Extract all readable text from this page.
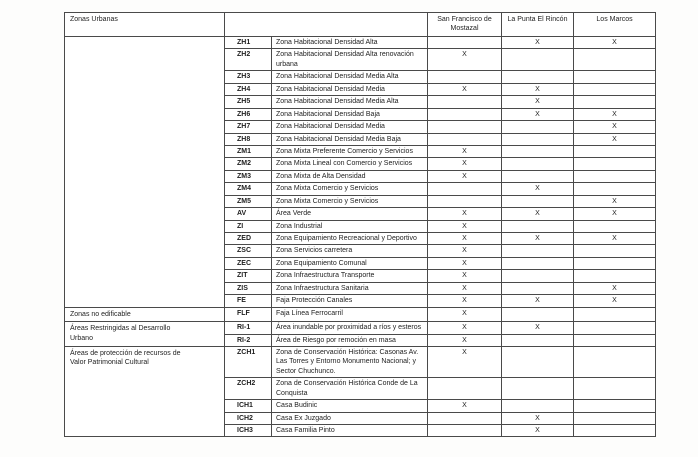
Zonas Urbanas			San Francisco de Mostazal	La Punta El Rincón	Los Marcos
	ZH1	Zona Habitacional Densidad Alta		X	X
	ZH2	Zona Habitacional Densidad Alta renovación urbana	X		
	ZH3	Zona Habitacional Densidad Media Alta			
	ZH4	Zona Habitacional Densidad Media	X	X	
	ZH5	Zona Habitacional Densidad Media Alta		X	
	ZH6	Zona Habitacional Densidad Baja		X	X
	ZH7	Zona Habitacional Densidad Media			X
	ZH8	Zona Habitacional Densidad Media Baja			X
	ZM1	Zona Mixta Preferente Comercio y Servicios	X		
	ZM2	Zona Mixta Lineal con Comercio y Servicios	X		
	ZM3	Zona Mixta de Alta Densidad	X		
	ZM4	Zona Mixta Comercio y Servicios		X	
	ZM5	Zona Mixta Comercio y Servicios			X
	AV	Área Verde	X	X	X
	ZI	Zona Industrial	X		
	ZED	Zona Equipamiento Recreacional y Deportivo	X	X	X
	ZSC	Zona Servicios carretera	X		
	ZEC	Zona Equipamiento Comunal	X		
	ZIT	Zona Infraestructura Transporte	X		
	ZIS	Zona Infraestructura Sanitaria	X		X
	FE	Faja Protección Canales	X	X	X
Zonas no edificable	FLF	Faja Línea Ferrocarril	X		
Áreas Restringidas al Desarrollo Urbano	RI-1	Área inundable por proximidad a ríos y esteros	X	X	
	RI-2	Área de Riesgo por remoción en masa	X		
Áreas de protección de recursos de Valor Patrimonial Cultural	ZCH1	Zona de Conservación Histórica: Casonas Av. Las Torres y Entorno Monumento Nacional; y Sector Chuchunco.	X		
	ZCH2	Zona de Conservación Histórica Conde de La Conquista			
	ICH1	Casa Budinic	X		
	ICH2	Casa Ex Juzgado		X	
	ICH3	Casa Familia Pinto		X	
